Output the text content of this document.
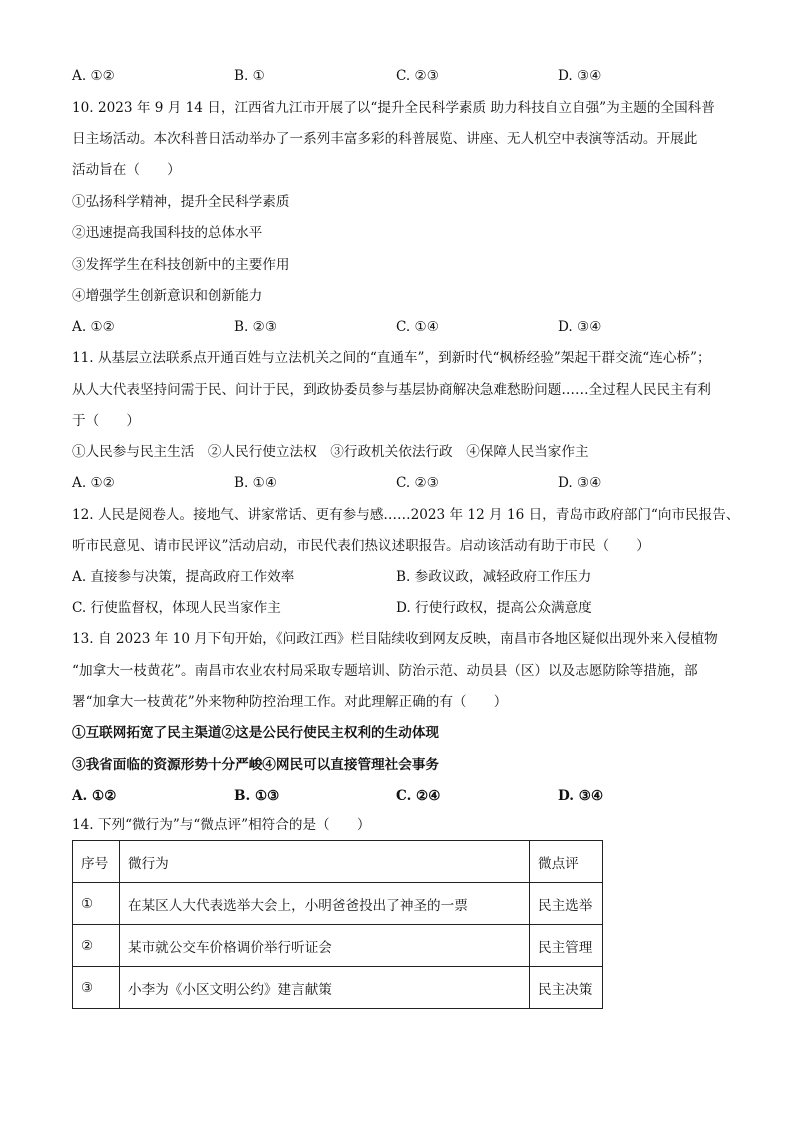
A. ①②	B. ①	C. ②③	D. ③④
10. 2023 年 9 月 14 日，江西省九江市开展了以“提升全民科学素质 助力科技自立自强”为主题的全国科普
日主场活动。本次科普日活动举办了一系列丰富多彩的科普展览、讲座、无人机空中表演等活动。开展此
活动旨在（　　）
①弘扬科学精神，提升全民科学素质
②迅速提高我国科技的总体水平
③发挥学生在科技创新中的主要作用
④增强学生创新意识和创新能力
A. ①②	B. ②③	C. ①④	D. ③④
11. 从基层立法联系点开通百姓与立法机关之间的“直通车”，到新时代“枫桥经验”架起干群交流“连心桥”；
从人大代表坚持问需于民、问计于民，到政协委员参与基层协商解决急难愁盼问题……全过程人民民主有利
于（　　）
①人民参与民主生活　②人民行使立法权　③行政机关依法行政　④保障人民当家作主
A. ①②	B. ①④	C. ②③	D. ③④
12. 人民是阅卷人。接地气、讲家常话、更有参与感……2023 年 12 月 16 日，青岛市政府部门“向市民报告、
听市民意见、请市民评议”活动启动，市民代表们热议述职报告。启动该活动有助于市民（　　）
A. 直接参与决策，提高政府工作效率	B. 参政议政，减轻政府工作压力
C. 行使监督权，体现人民当家作主	D. 行使行政权，提高公众满意度
13. 自 2023 年 10 月下旬开始，《问政江西》栏目陆续收到网友反映，南昌市各地区疑似出现外来入侵植物
“加拿大一枝黄花”。南昌市农业农村局采取专题培训、防治示范、动员县（区）以及志愿防除等措施，部
署“加拿大一枝黄花”外来物种防控治理工作。对此理解正确的有（　　）
①互联网拓宽了民主渠道②这是公民行使民主权利的生动体现
③我省面临的资源形势十分严峻④网民可以直接管理社会事务
A. ①②	B. ①③	C. ②④	D. ③④
14. 下列“微行为”与“微点评”相符合的是（　　）
序号	微行为	微点评
①	在某区人大代表选举大会上，小明爸爸投出了神圣的一票	民主选举
②	某市就公交车价格调价举行听证会	民主管理
③	小李为《小区文明公约》建言献策	民主决策
